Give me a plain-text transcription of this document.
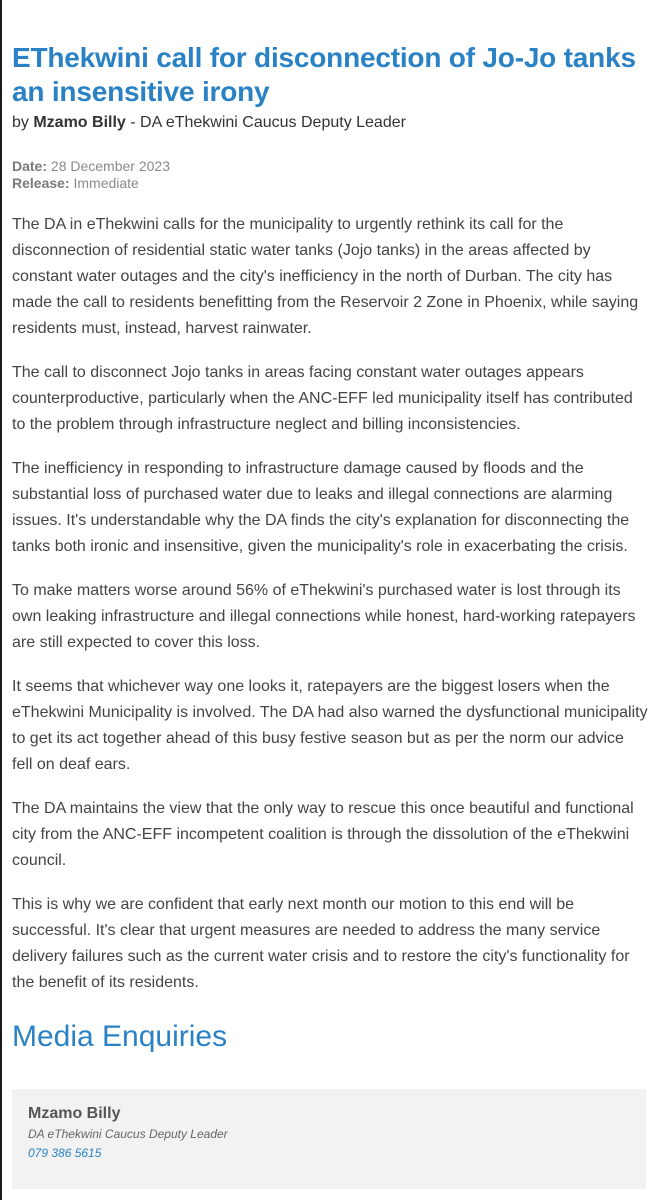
EThekwini call for disconnection of Jo-Jo tanks an insensitive irony
by Mzamo Billy - DA eThekwini Caucus Deputy Leader
Date: 28 December 2023
Release: Immediate

The DA in eThekwini calls for the municipality to urgently rethink its call for the disconnection of residential static water tanks (Jojo tanks) in the areas affected by constant water outages and the city's inefficiency in the north of Durban. The city has made the call to residents benefitting from the Reservoir 2 Zone in Phoenix, while saying residents must, instead, harvest rainwater.

The call to disconnect Jojo tanks in areas facing constant water outages appears counterproductive, particularly when the ANC-EFF led municipality itself has contributed to the problem through infrastructure neglect and billing inconsistencies.

The inefficiency in responding to infrastructure damage caused by floods and the substantial loss of purchased water due to leaks and illegal connections are alarming issues. It's understandable why the DA finds the city's explanation for disconnecting the tanks both ironic and insensitive, given the municipality's role in exacerbating the crisis.

To make matters worse around 56% of eThekwini's purchased water is lost through its own leaking infrastructure and illegal connections while honest, hard-working ratepayers are still expected to cover this loss.

It seems that whichever way one looks it, ratepayers are the biggest losers when the eThekwini Municipality is involved. The DA had also warned the dysfunctional municipality to get its act together ahead of this busy festive season but as per the norm our advice fell on deaf ears.

The DA maintains the view that the only way to rescue this once beautiful and functional city from the ANC-EFF incompetent coalition is through the dissolution of the eThekwini council.

This is why we are confident that early next month our motion to this end will be successful. It's clear that urgent measures are needed to address the many service delivery failures such as the current water crisis and to restore the city's functionality for the benefit of its residents.

Media Enquiries
Mzamo Billy
DA eThekwini Caucus Deputy Leader
079 386 5615
